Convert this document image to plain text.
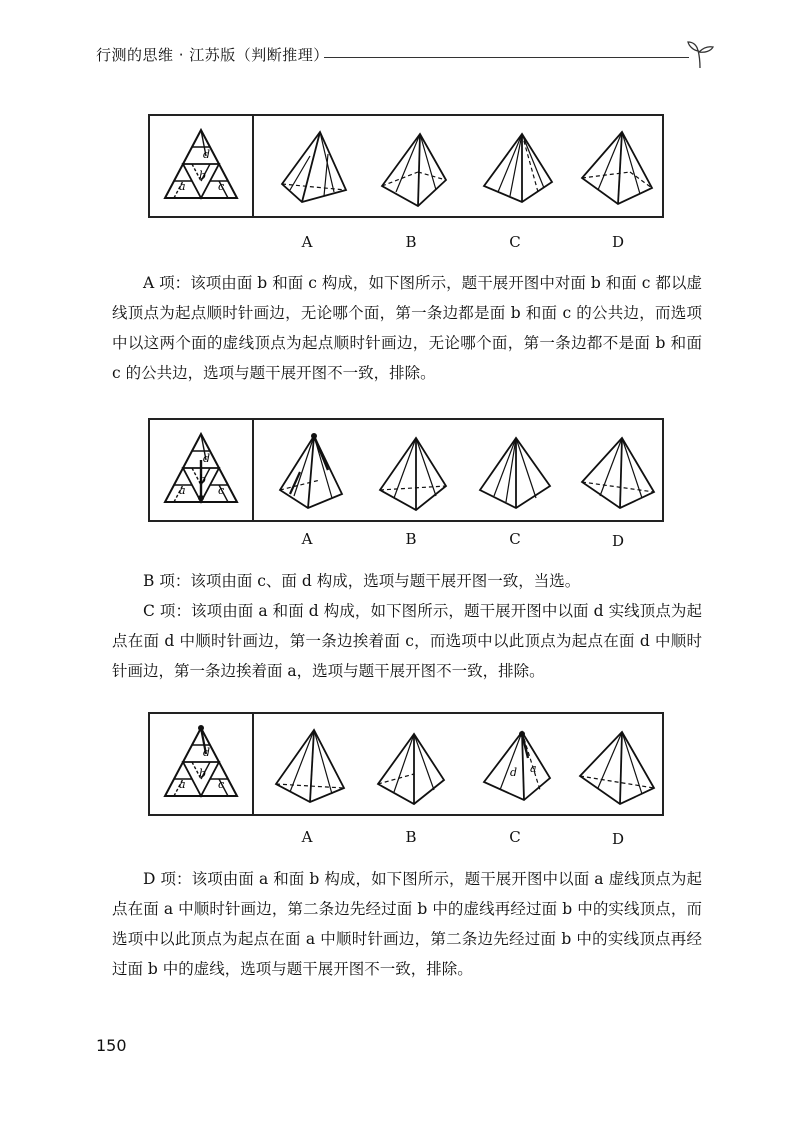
行测的思维 · 江苏版（判断推理）
d
a
b
c
A	B	C	D

A 项：该项由面 b 和面 c 构成，如下图所示，题干展开图中对面 b 和面 c 都以虚线顶点为起点顺时针画边，无论哪个面，第一条边都是面 b 和面 c 的公共边，而选项中以这两个面的虚线顶点为起点顺时针画边，无论哪个面，第一条边都不是面 b 和面 c 的公共边，选项与题干展开图不一致，排除。

d
a
b
c
A	B	C	D

B 项：该项由面 c、面 d 构成，选项与题干展开图一致，当选。

C 项：该项由面 a 和面 d 构成，如下图所示，题干展开图中以面 d 实线顶点为起点在面 d 中顺时针画边，第一条边挨着面 c，而选项中以此顶点为起点在面 d 中顺时针画边，第一条边挨着面 a，选项与题干展开图不一致，排除。

d
a
b
c
d a
A	B	C	D

D 项：该项由面 a 和面 b 构成，如下图所示，题干展开图中以面 a 虚线顶点为起点在面 a 中顺时针画边，第二条边先经过面 b 中的虚线再经过面 b 中的实线顶点，而选项中以此顶点为起点在面 a 中顺时针画边，第二条边先经过面 b 中的实线顶点再经过面 b 中的虚线，选项与题干展开图不一致，排除。

150
